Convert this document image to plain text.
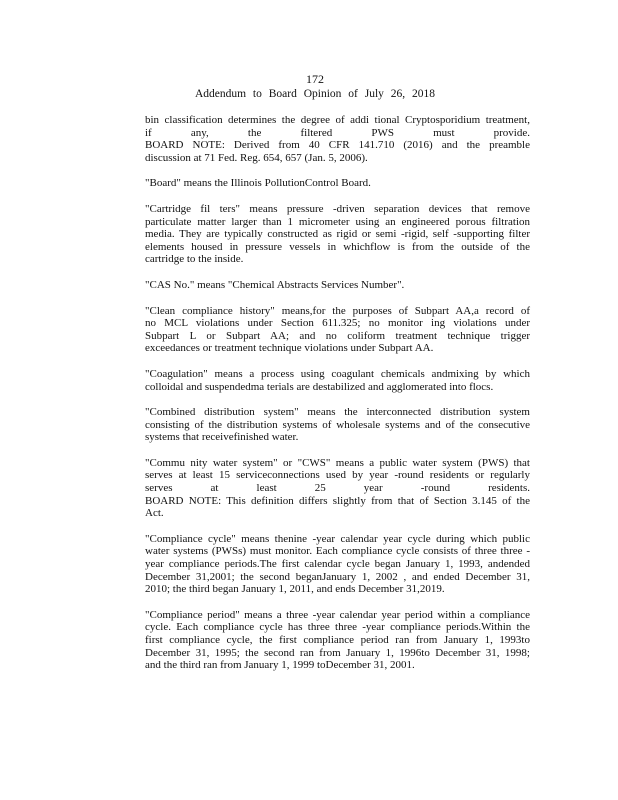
172
Addendum to Board Opinion of July 26, 2018
bin classification determines the degree of addi tional Cryptosporidium treatment,
if any, the filtered PWS must provide.
BOARD NOTE: Derived from 40 CFR 141.710 (2016) and the preamble
discussion at 71 Fed. Reg. 654, 657 (Jan. 5, 2006).
"Board" means the Illinois PollutionControl Board.
"Cartridge fil ters" means pressure -driven separation devices that remove
particulate matter larger than 1 micrometer using an engineered porous filtration
media. They are typically constructed as rigid or semi -rigid, self -supporting filter
elements housed in pressure vessels in whichflow is from the outside of the
cartridge to the inside.
"CAS No." means "Chemical Abstracts Services Number".
"Clean compliance history" means,for the purposes of Subpart AA,a record of
no MCL violations under Section 611.325; no monitor ing violations under
Subpart L or Subpart AA; and no coliform treatment technique trigger
exceedances or treatment technique violations under Subpart AA.
"Coagulation" means a process using coagulant chemicals andmixing by which
colloidal and suspendedma terials are destabilized and agglomerated into flocs.
"Combined distribution system" means the interconnected distribution system
consisting of the distribution systems of wholesale systems and of the consecutive
systems that receivefinished water.
"Commu nity water system" or "CWS" means a public water system (PWS) that
serves at least 15 serviceconnections used by year -round residents or regularly
serves at least 25 year -round residents.
BOARD NOTE: This definition differs slightly from that of Section 3.145 of the
Act.
"Compliance cycle" means thenine -year calendar year cycle during which public
water systems (PWSs) must monitor. Each compliance cycle consists of three three -
year compliance periods.The first calendar cycle began January 1, 1993, andended
December 31,2001; the second beganJanuary 1, 2002 , and ended December 31,
2010; the third began January 1, 2011, and ends December 31,2019.
"Compliance period" means a three -year calendar year period within a compliance
cycle. Each compliance cycle has three three -year compliance periods.Within the
first compliance cycle, the first compliance period ran from January 1, 1993to
December 31, 1995; the second ran from January 1, 1996to December 31, 1998;
and the third ran from January 1, 1999 toDecember 31, 2001.
